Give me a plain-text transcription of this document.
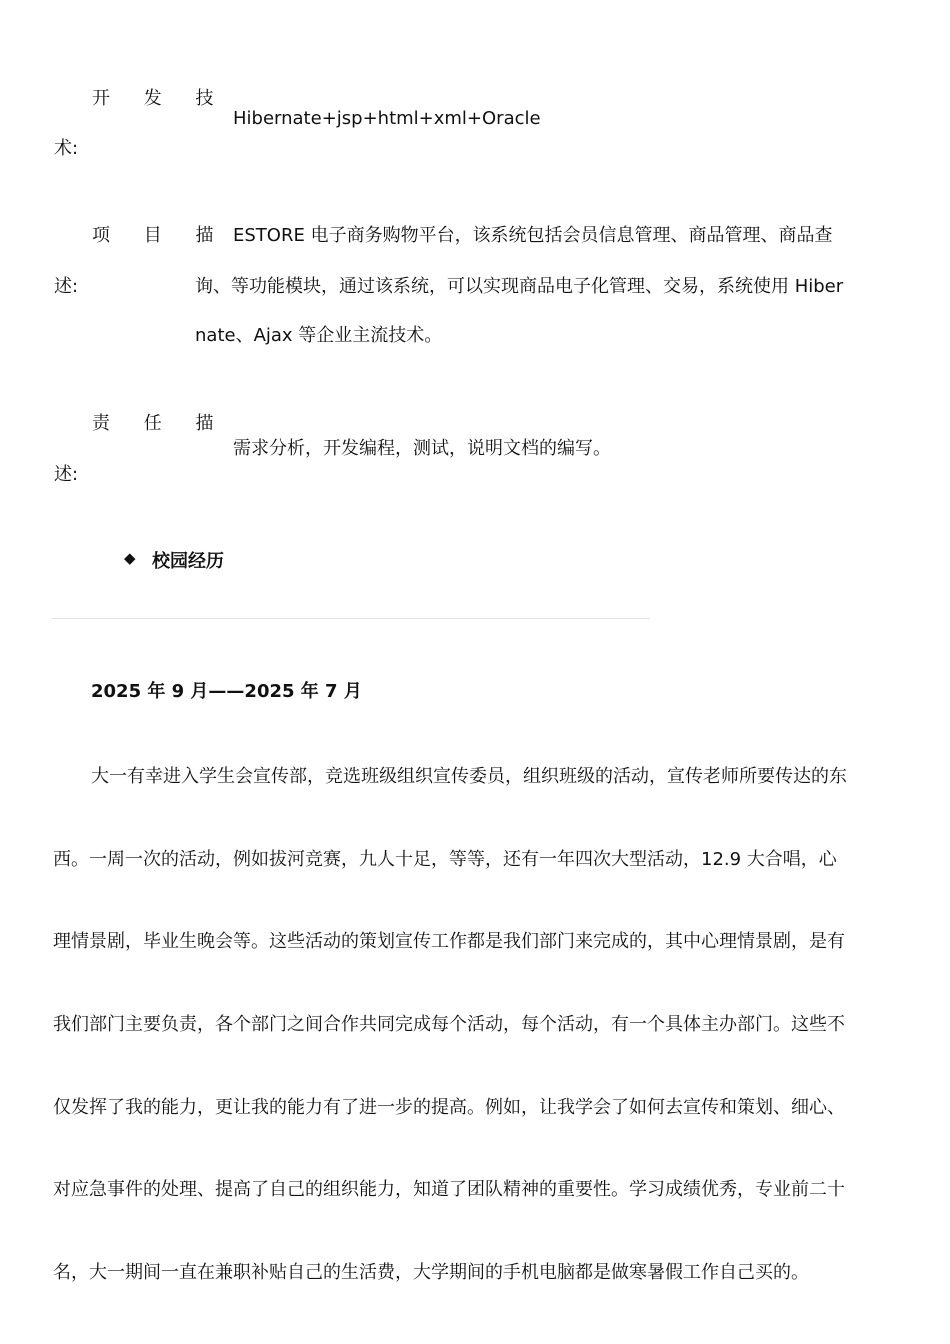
开 发 技
术:
Hibernate+jsp+html+xml+Oracle
项 目 描
述:
ESTORE 电子商务购物平台，该系统包括会员信息管理、商品管理、商品查
询、等功能模块，通过该系统，可以实现商品电子化管理、交易，系统使用 Hiber
nate、Ajax 等企业主流技术。
责 任 描
述:
需求分析，开发编程，测试，说明文档的编写。
◆ 校园经历
2025 年 9 月——2025 年 7 月
大一有幸进入学生会宣传部，竞选班级组织宣传委员，组织班级的活动，宣传老师所要传达的东
西。一周一次的活动，例如拔河竞赛，九人十足，等等，还有一年四次大型活动，12.9 大合唱，心
理情景剧，毕业生晚会等。这些活动的策划宣传工作都是我们部门来完成的，其中心理情景剧，是有
我们部门主要负责，各个部门之间合作共同完成每个活动，每个活动，有一个具体主办部门。这些不
仅发挥了我的能力，更让我的能力有了进一步的提高。例如，让我学会了如何去宣传和策划、细心、
对应急事件的处理、提高了自己的组织能力，知道了团队精神的重要性。学习成绩优秀，专业前二十
名，大一期间一直在兼职补贴自己的生活费，大学期间的手机电脑都是做寒暑假工作自己买的。
